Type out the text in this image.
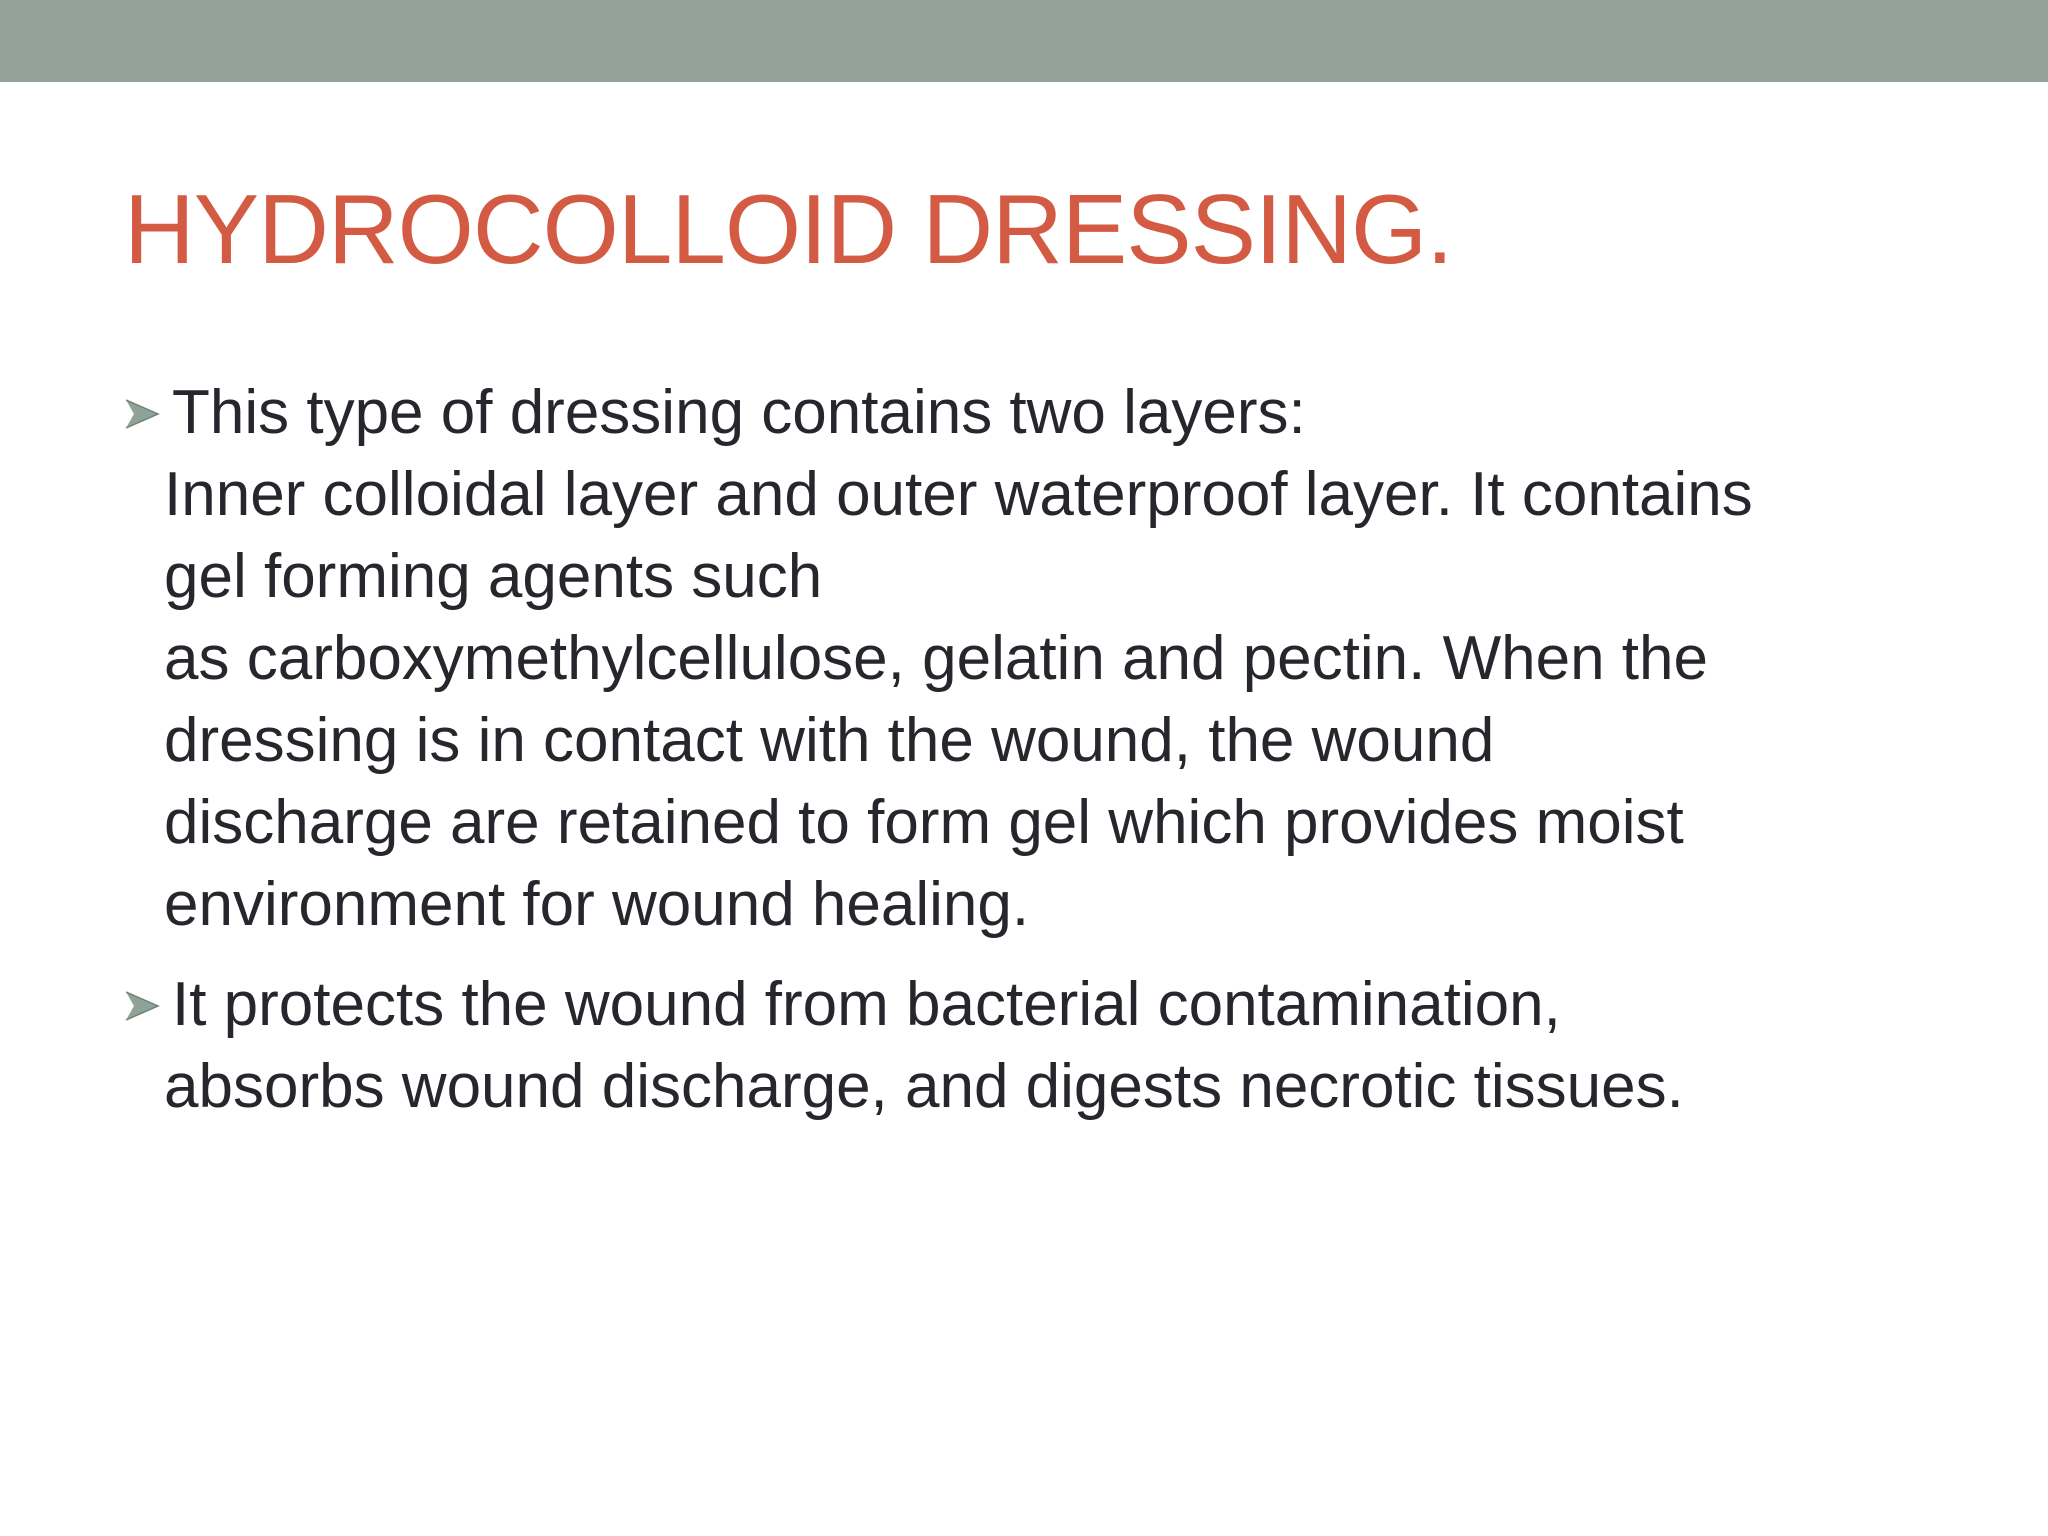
HYDROCOLLOID DRESSING.
This type of dressing contains two layers:
Inner colloidal layer and outer waterproof layer. It contains
gel forming agents such
as carboxymethylcellulose, gelatin and pectin. When the
dressing is in contact with the wound, the wound
discharge are retained to form gel which provides moist
environment for wound healing.
It protects the wound from bacterial contamination,
absorbs wound discharge, and digests necrotic tissues.
